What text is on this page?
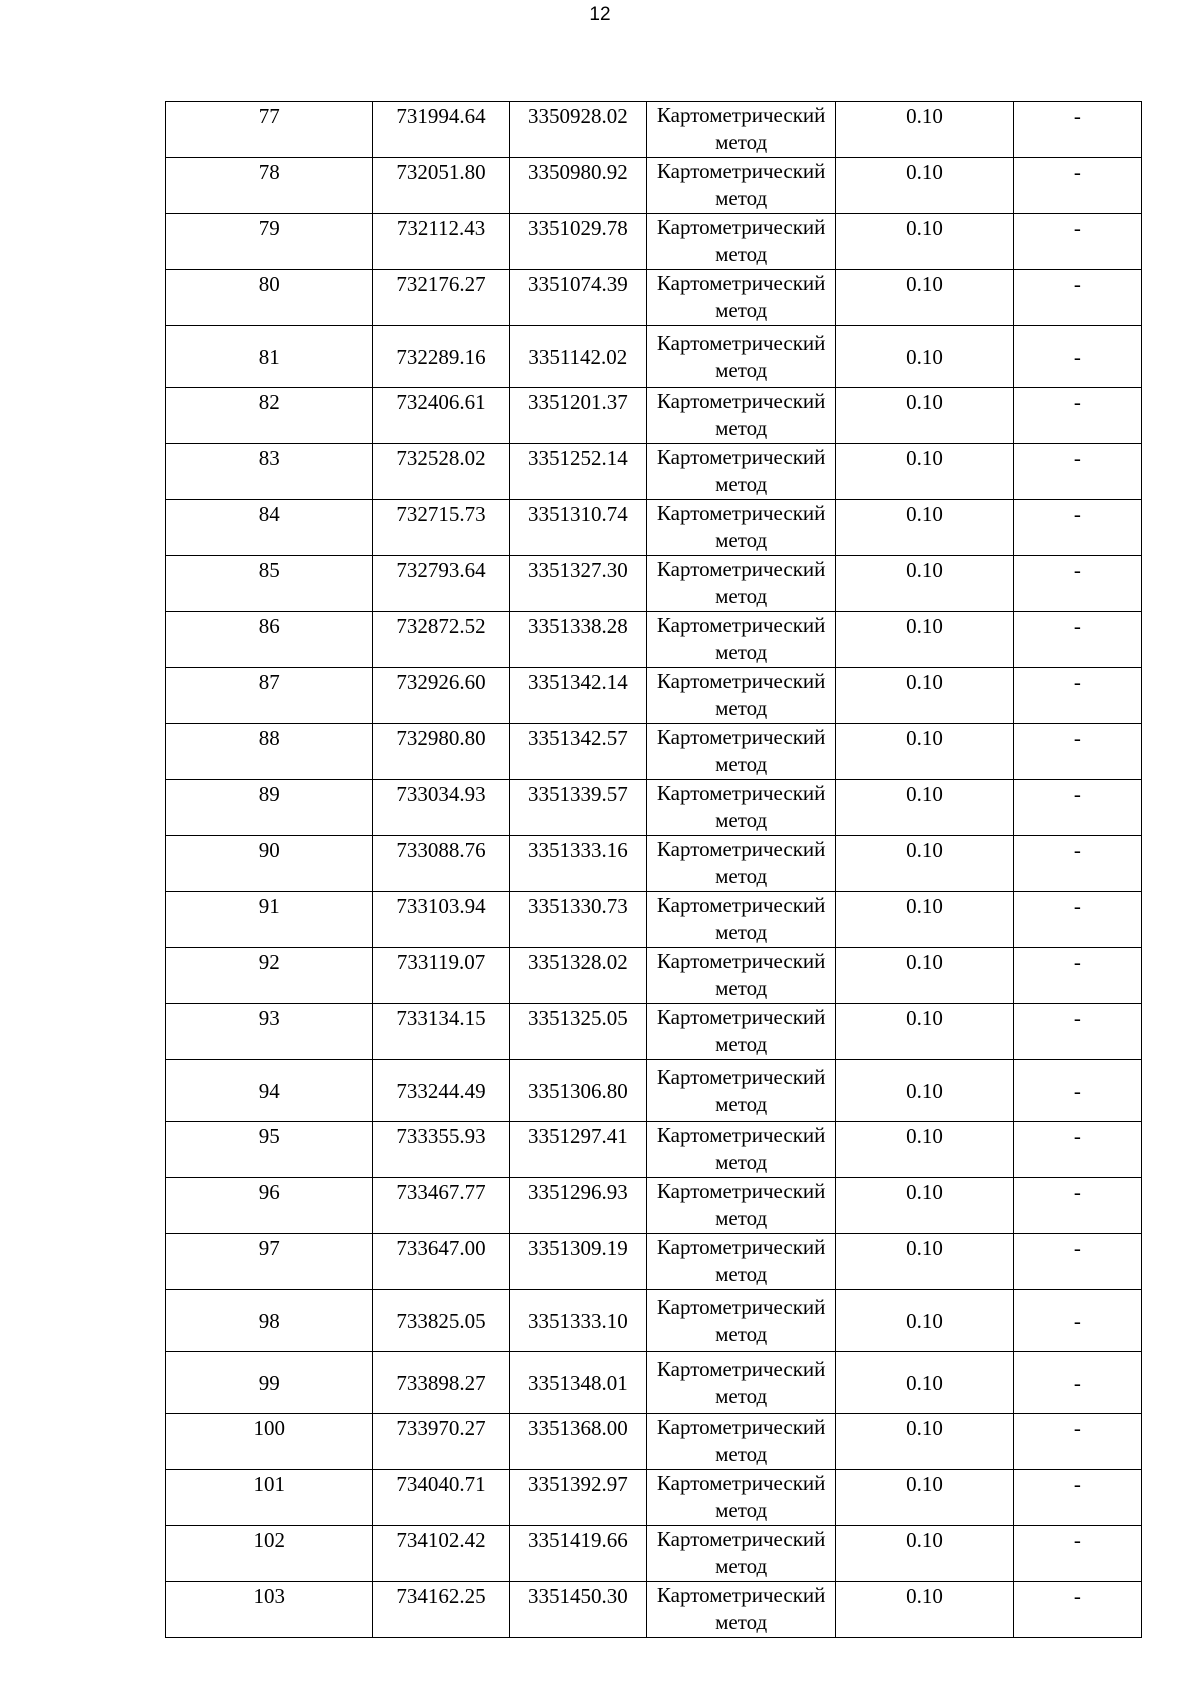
12
77	731994.64	3350928.02	Картометрический метод	0.10	-
78	732051.80	3350980.92	Картометрический метод	0.10	-
79	732112.43	3351029.78	Картометрический метод	0.10	-
80	732176.27	3351074.39	Картометрический метод	0.10	-
81	732289.16	3351142.02	Картометрический метод	0.10	-
82	732406.61	3351201.37	Картометрический метод	0.10	-
83	732528.02	3351252.14	Картометрический метод	0.10	-
84	732715.73	3351310.74	Картометрический метод	0.10	-
85	732793.64	3351327.30	Картометрический метод	0.10	-
86	732872.52	3351338.28	Картометрический метод	0.10	-
87	732926.60	3351342.14	Картометрический метод	0.10	-
88	732980.80	3351342.57	Картометрический метод	0.10	-
89	733034.93	3351339.57	Картометрический метод	0.10	-
90	733088.76	3351333.16	Картометрический метод	0.10	-
91	733103.94	3351330.73	Картометрический метод	0.10	-
92	733119.07	3351328.02	Картометрический метод	0.10	-
93	733134.15	3351325.05	Картометрический метод	0.10	-
94	733244.49	3351306.80	Картометрический метод	0.10	-
95	733355.93	3351297.41	Картометрический метод	0.10	-
96	733467.77	3351296.93	Картометрический метод	0.10	-
97	733647.00	3351309.19	Картометрический метод	0.10	-
98	733825.05	3351333.10	Картометрический метод	0.10	-
99	733898.27	3351348.01	Картометрический метод	0.10	-
100	733970.27	3351368.00	Картометрический метод	0.10	-
101	734040.71	3351392.97	Картометрический метод	0.10	-
102	734102.42	3351419.66	Картометрический метод	0.10	-
103	734162.25	3351450.30	Картометрический метод	0.10	-
